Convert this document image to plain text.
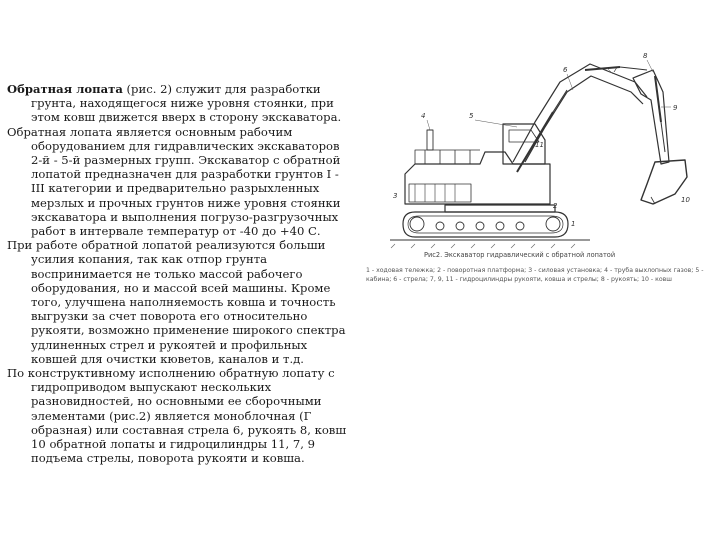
Обратная лопата (рис. 2) служит для разработки грунта, находящегося ниже уровня стоянки, при этом ковш движется вверх в сторону экскаватора.

Обратная лопата является основным рабочим оборудованием для гидравлических экскаваторов 2-й - 5-й размерных групп. Экскаватор с обратной лопатой предназначен для разработки грунтов I -III категории и предварительно разрыхленных мерзлых и прочных грунтов ниже уровня стоянки экскаватора и выполнения погрузо-разгрузочных работ в интервале температур от -40 до +40 С.

При работе обратной лопатой реализуются больши усилия копания, так как отпор грунта воспринимается не только массой рабочего оборудования, но и массой всей машины. Кроме того, улучшена наполняемость ковша и точность выгрузки за счет поворота его относительно рукояти, возможно применение широкого спектра удлиненных стрел и рукоятей и профильных ковшей для очистки кюветов, каналов и т.д.

По конструктивному исполнению обратную лопату с гидроприводом выпускают нескольких разновидностей, но основными ее сборочными элементами (рис.2) является моноблочная (Г образная) или составная стрела 6, рукоять 8, ковш 10 обратной лопаты и гидроцилиндры 11, 7, 9 подъема стрелы, поворота рукояти и ковша.

4	5
6	7
8
9
1
2
3	10
11
Рис2. Экскаватор гидравлический с обратной лопатой
1 - ходовая тележка; 2 - поворотная платформа; 3 - силовая установка; 4 - труба выхлопных газов; 5 - кабина; 6 - стрела; 7, 9, 11 - гидроцилиндры рукояти, ковша и стрелы; 8 - рукоять; 10 - ковш
